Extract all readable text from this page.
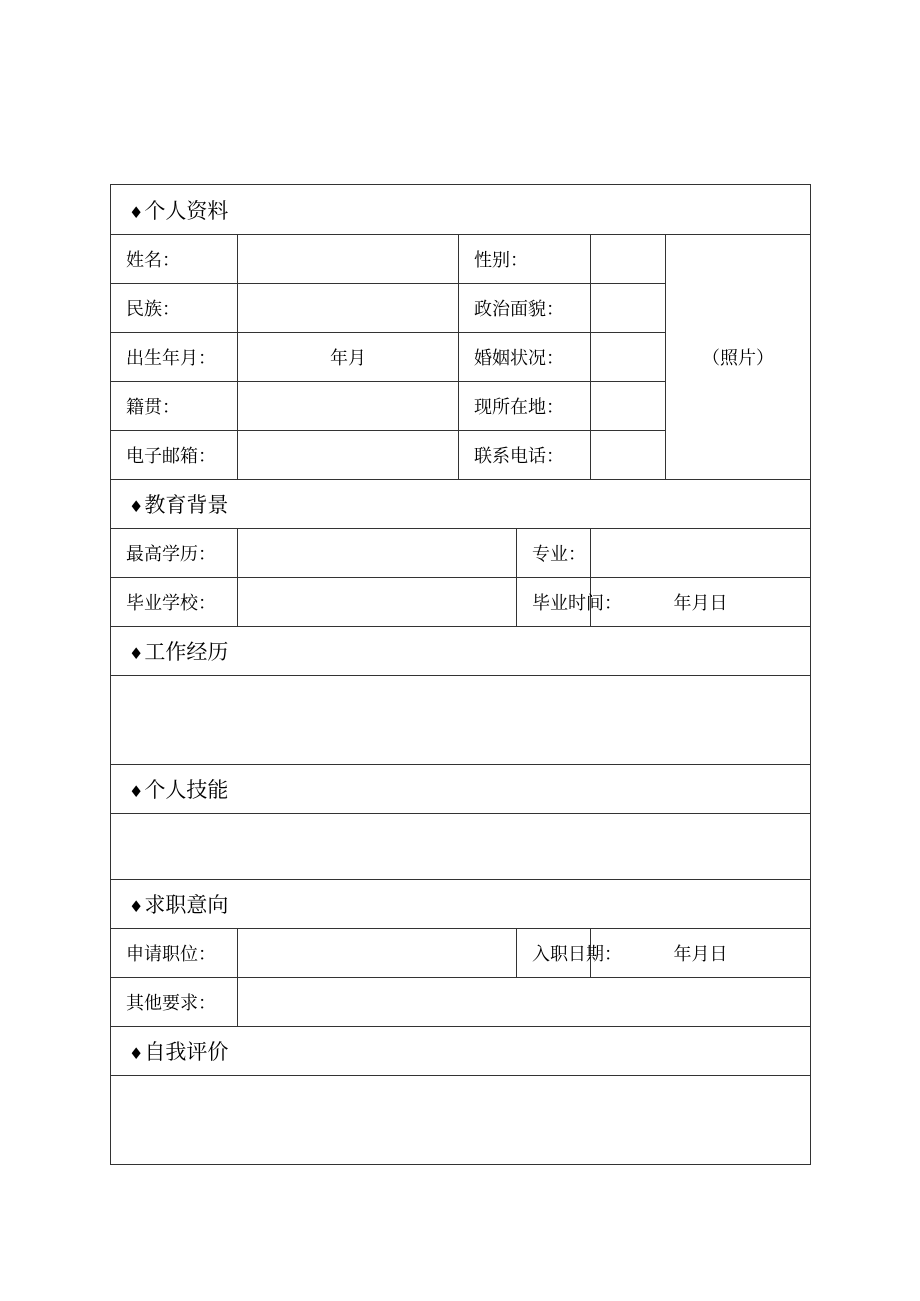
♦个人资料					
姓名：		性别：			（照片）
民族：		政治面貌：			
出生年月：	年月	婚姻状况：			
籍贯：		现所在地：			
电子邮箱：		联系电话：			
♦教育背景					
最高学历：			专业：		
毕业学校：			毕业时间：	年月日	
♦工作经历					

♦个人技能					

♦求职意向					
申请职位：			入职日期：	年月日	
其他要求：					
♦自我评价					
